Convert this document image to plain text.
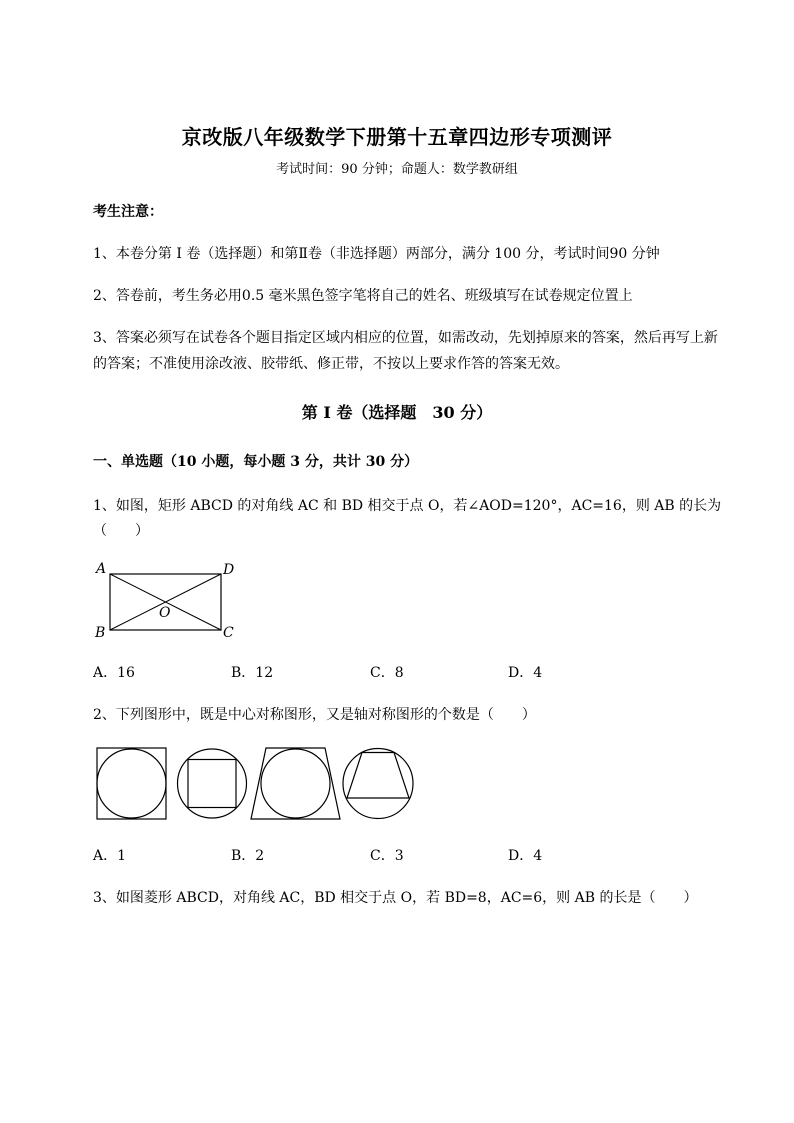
京改版八年级数学下册第十五章四边形专项测评
考试时间：90 分钟；命题人：数学教研组
考生注意：
1、本卷分第 I 卷（选择题）和第Ⅱ卷（非选择题）两部分，满分 100 分，考试时间90 分钟
2、答卷前，考生务必用0.5 毫米黑色签字笔将自己的姓名、班级填写在试卷规定位置上
3、答案必须写在试卷各个题目指定区域内相应的位置，如需改动，先划掉原来的答案，然后再写上新
的答案；不准使用涂改液、胶带纸、修正带，不按以上要求作答的答案无效。
第 I 卷（选择题　30 分）
一、单选题（10 小题，每小题 3 分，共计 30 分）
1、如图，矩形 ABCD 的对角线 AC 和 BD 相交于点 O，若∠AOD=120°，AC=16，则 AB 的长为
（　　）
A	D
B	C
O
A．16	B．12	C．8	D．4
2、下列图形中，既是中心对称图形，又是轴对称图形的个数是（　　）
A．1	B．2	C．3	D．4
3、如图菱形 ABCD，对角线 AC，BD 相交于点 O，若 BD=8，AC=6，则 AB 的长是（　　）
